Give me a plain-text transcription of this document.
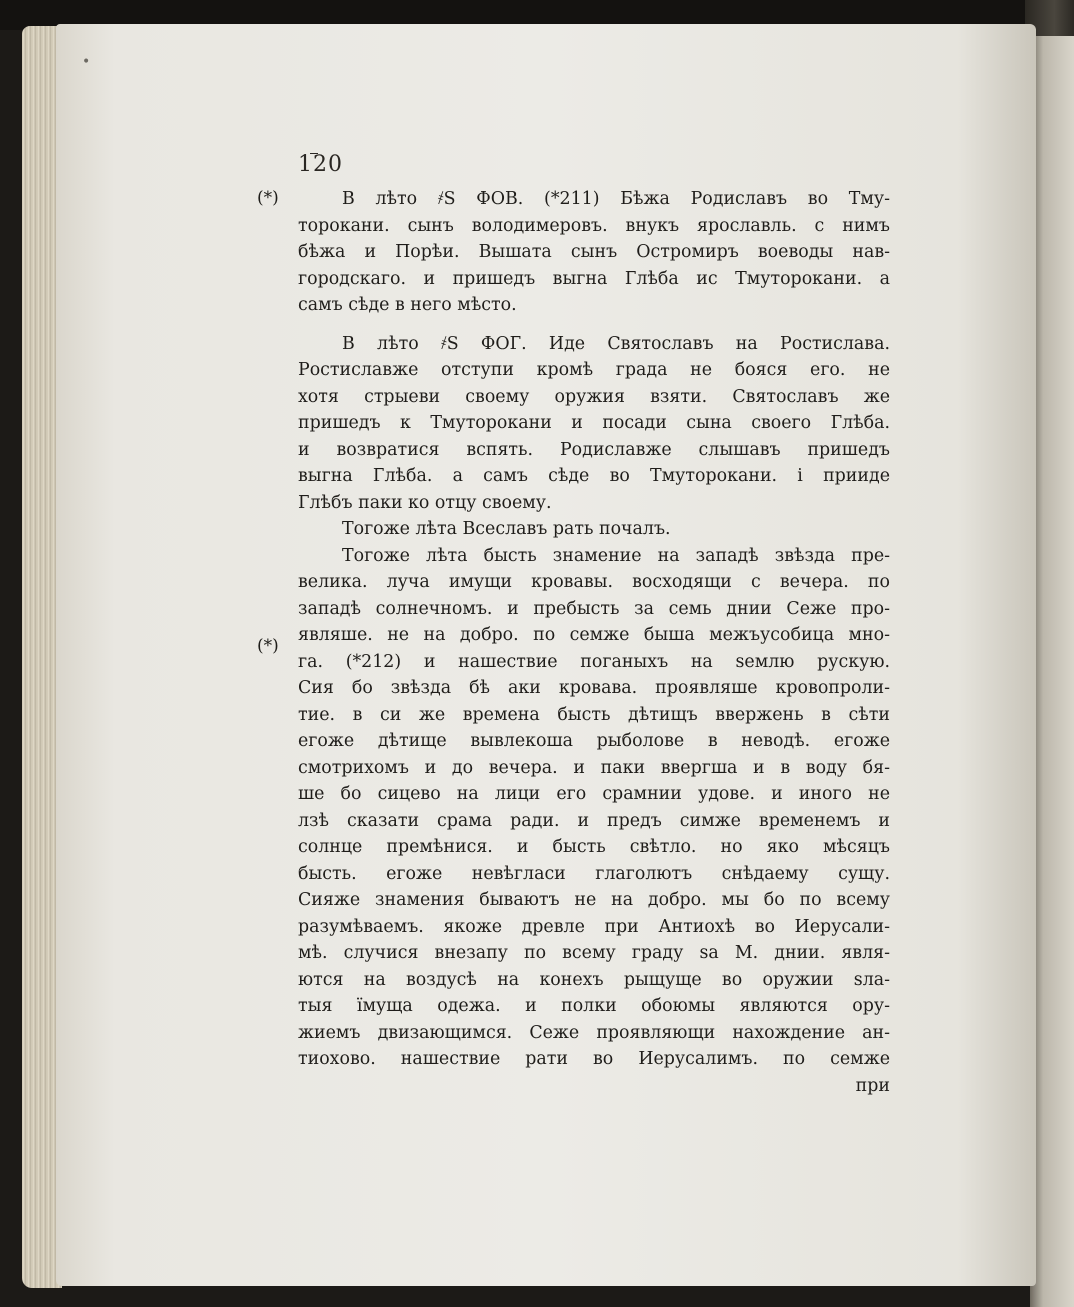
•
120
(*)
(*)
В лѣто ҂Ѕ ФОВ. (*211) Бѣжа Родиславъ во Тму-
торокани. сынъ володимеровъ. внукъ ярославль. с нимъ
бѣжа и Порѣи. Вышата сынъ Остромиръ воеводы нав-
городскаго. и пришедъ выгна Глѣба ис Тмуторокани. а
самъ сѣде в него мѣсто.
В лѣто ҂Ѕ ФОГ. Иде Святославъ на Ростислава.
Ростиславже отступи кромѣ града не бояся его. не
хотя стрыеви своему оружия взяти. Святославъ же
пришедъ к Тмуторокани и посади сына своего Глѣба.
и возвратися вспять. Родиславже слышавъ пришедъ
выгна Глѣба. а самъ сѣде во Тмуторокани. і прииде
Глѣбъ паки ко отцу своему.
Тогоже лѣта Всеславъ рать почалъ.
Тогоже лѣта бысть знамение на западѣ звѣзда пре-
велика. луча имущи кровавы. восходящи с вечера. по
западѣ солнечномъ. и пребысть за семь днии Сеже про-
являше. не на добро. по семже быша межъусобица мно-
га. (*212) и нашествие поганыхъ на ѕемлю рускую.
Сия бо звѣзда бѣ аки кровава. проявляше кровопроли-
тие. в си же времена бысть дѣтищъ ввержень в сѣти
егоже дѣтище вывлекоша рыболове в неводѣ. егоже
смотрихомъ и до вечера. и паки ввергша и в воду бя-
ше бо сицево на лици его срамнии удове. и иного не
лзѣ сказати срама ради. и предъ симже временемъ и
солнце премѣнися. и бысть свѣтло. но яко мѣсяцъ
бысть. егоже невѣгласи глаголютъ снѣдаему сущу.
Сияже знамения бываютъ не на добро. мы бо по всему
разумѣваемъ. якоже древле при Антиохѣ во Иерусали-
мѣ. случися внезапу по всему граду ѕа М. днии. явля-
ются на воздусѣ на конехъ рыщуще во оружии ѕла-
тыя їмуща одежа. и полки обоюмы являются ору-
жиемъ двизающимся. Сеже проявляющи нахождение ан-
тиохово. нашествие рати во Иерусалимъ. по семже
при
